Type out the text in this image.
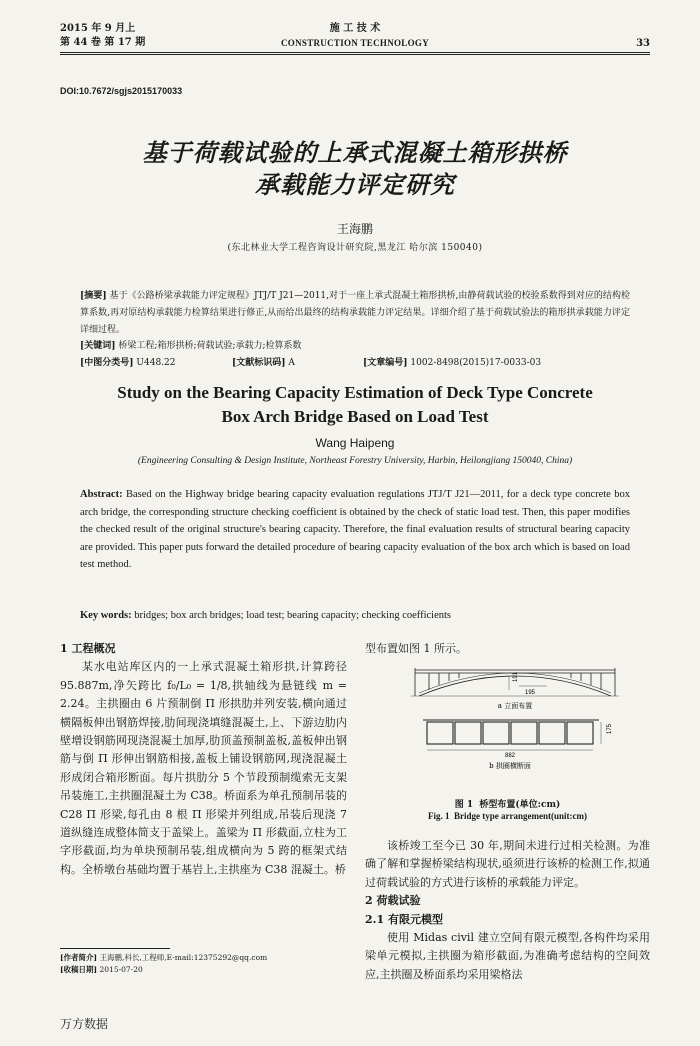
2015 年 9 月上
第 44 卷 第 17 期
施 工 技 术
CONSTRUCTION TECHNOLOGY	33
DOI:10.7672/sgjs2015170033
基于荷载试验的上承式混凝土箱形拱桥
承载能力评定研究
王海鹏
(东北林业大学工程咨询设计研究院,黑龙江 哈尔滨 150040)
[摘要] 基于《公路桥梁承载能力评定规程》JTJ/T J21—2011,对于一座上承式混凝土箱形拱桥,由静荷载试验的校验系数得到对应的结构检算系数,再对原结构承载能力检算结果进行修正,从而给出最终的结构承载能力评定结果。详细介绍了基于荷载试验法的箱形拱承载能力评定详细过程。
[关键词] 桥梁工程;箱形拱桥;荷载试验;承载力;检算系数
[中图分类号] U448.22	[文献标识码] A	[文章编号] 1002-8498(2015)17-0033-03
Study on the Bearing Capacity Estimation of Deck Type Concrete
Box Arch Bridge Based on Load Test
Wang Haipeng
(Engineering Consulting & Design Institute, Northeast Forestry University, Harbin, Heilongjiang 150040, China)
Abstract: Based on the Highway bridge bearing capacity evaluation regulations JTJ/T J21—2011, for a deck type concrete box arch bridge, the corresponding structure checking coefficient is obtained by the check of static load test. Then, this paper modifies the checked result of the original structure's bearing capacity. Therefore, the final evaluation results of structural bearing capacity are provided. This paper puts forward the detailed procedure of bearing capacity evaluation of the box arch which is based on load test method.
Key words: bridges; box arch bridges; load test; bearing capacity; checking coefficients
1 工程概况
某水电站库区内的一上承式混凝土箱形拱,计算跨径 95.887m,净矢跨比 f₀/L₀ = 1/8,拱轴线为悬链线 m = 2.24。主拱圈由 6 片预制倒 Π 形拱肋并列安装,横向通过横隔板伸出钢筋焊接,肋间现浇填缝混凝土,上、下游边肋内壁增设钢筋网现浇混凝土加厚,肋顶盖预制盖板,盖板伸出钢筋与倒 Π 形伸出钢筋相接,盖板上铺设钢筋网,现浇混凝土形成闭合箱形断面。每片拱肋分 5 个节段预制缆索无支架吊装施工,主拱圈混凝土为 C38。桥面系为单孔预制吊装的 C28 Π 形梁,每孔由 8 根 Π 形梁并列组成,吊装后现浇 7 道纵缝连成整体简支于盖梁上。盖梁为 Π 形截面,立柱为工字形截面,均为单块预制吊装,组成横向为 5 跨的框架式结构。全桥墩台基础均置于基岩上,主拱座为 C38 混凝土。桥
[作者简介] 王海鹏,科长,工程师,E-mail:12375292@qq.com
[收稿日期] 2015-07-20
型布置如图 1 所示。
191
195
a 立面布置
882
175
b 拱圈横断面
图 1 桥型布置(单位:cm)
Fig. 1 Bridge type arrangement(unit:cm)
该桥竣工至今已 30 年,期间未进行过相关检测。为准确了解和掌握桥梁结构现状,亟须进行该桥的检测工作,拟通过荷载试验的方式进行该桥的承载能力评定。
2 荷载试验
2.1 有限元模型
使用 Midas civil 建立空间有限元模型,各构件均采用梁单元模拟,主拱圈为箱形截面,为准确考虑结构的空间效应,主拱圈及桥面系均采用梁格法
万方数据
